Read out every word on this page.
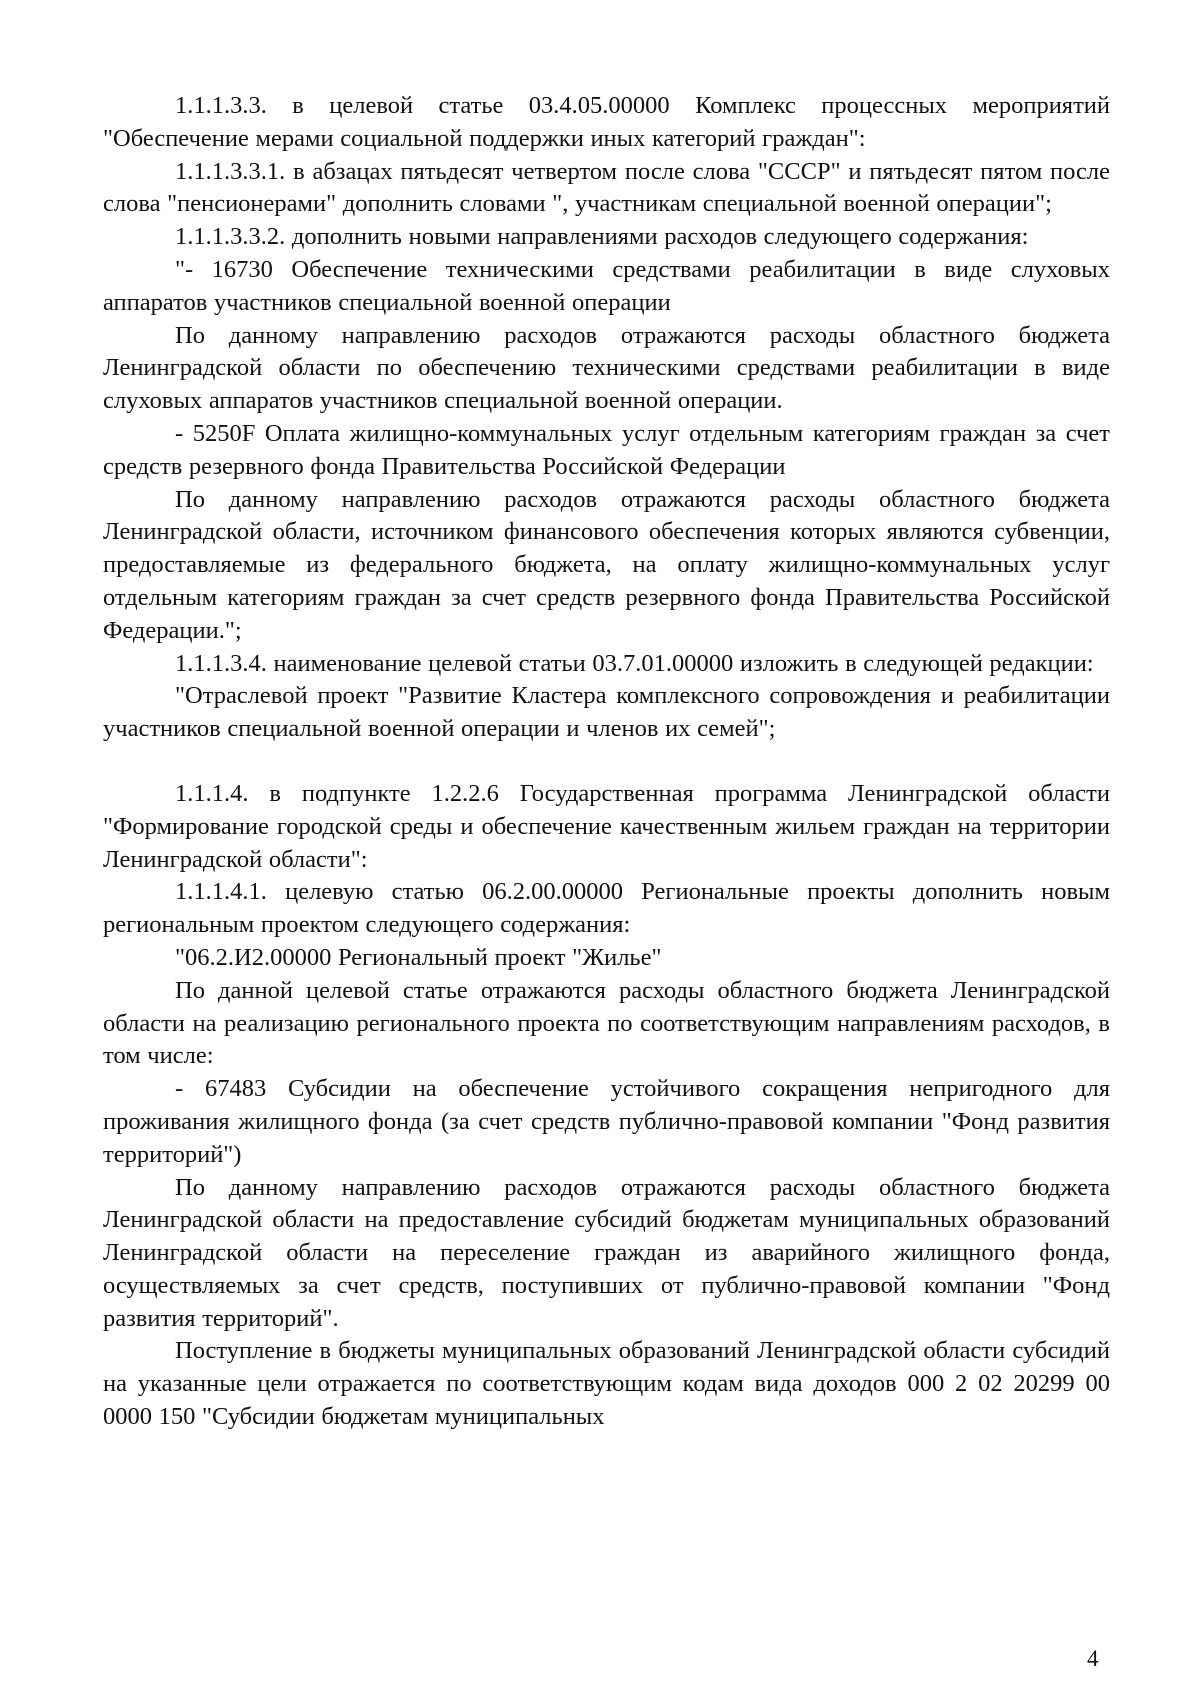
1.1.1.3.3. в целевой статье 03.4.05.00000 Комплекс процессных мероприятий "Обеспечение мерами социальной поддержки иных категорий граждан":

1.1.1.3.3.1. в абзацах пятьдесят четвертом после слова "СССР" и пятьдесят пятом после слова "пенсионерами" дополнить словами ", участникам специальной военной операции";

1.1.1.3.3.2. дополнить новыми направлениями расходов следующего содержания:

"- 16730 Обеспечение техническими средствами реабилитации в виде слуховых аппаратов участников специальной военной операции

По данному направлению расходов отражаются расходы областного бюджета Ленинградской области по обеспечению техническими средствами реабилитации в виде слуховых аппаратов участников специальной военной операции.

- 5250F Оплата жилищно-коммунальных услуг отдельным категориям граждан за счет средств резервного фонда Правительства Российской Федерации

По данному направлению расходов отражаются расходы областного бюджета Ленинградской области, источником финансового обеспечения которых являются субвенции, предоставляемые из федерального бюджета, на оплату жилищно-коммунальных услуг отдельным категориям граждан за счет средств резервного фонда Правительства Российской Федерации.";

1.1.1.3.4. наименование целевой статьи 03.7.01.00000 изложить в следующей редакции:

"Отраслевой проект "Развитие Кластера комплексного сопровождения и реабилитации участников специальной военной операции и членов их семей";

1.1.1.4. в подпункте 1.2.2.6 Государственная программа Ленинградской области "Формирование городской среды и обеспечение качественным жильем граждан на территории Ленинградской области":

1.1.1.4.1. целевую статью 06.2.00.00000 Региональные проекты дополнить новым региональным проектом следующего содержания:

"06.2.И2.00000 Региональный проект "Жилье"

По данной целевой статье отражаются расходы областного бюджета Ленинградской области на реализацию регионального проекта по соответствующим направлениям расходов, в том числе:

- 67483 Субсидии на обеспечение устойчивого сокращения непригодного для проживания жилищного фонда (за счет средств публично-правовой компании "Фонд развития территорий")

По данному направлению расходов отражаются расходы областного бюджета Ленинградской области на предоставление субсидий бюджетам муниципальных образований Ленинградской области на переселение граждан из аварийного жилищного фонда, осуществляемых за счет средств, поступивших от публично-правовой компании "Фонд развития территорий".

Поступление в бюджеты муниципальных образований Ленинградской области субсидий на указанные цели отражается по соответствующим кодам вида доходов 000 2 02 20299 00 0000 150 "Субсидии бюджетам муниципальных

4
